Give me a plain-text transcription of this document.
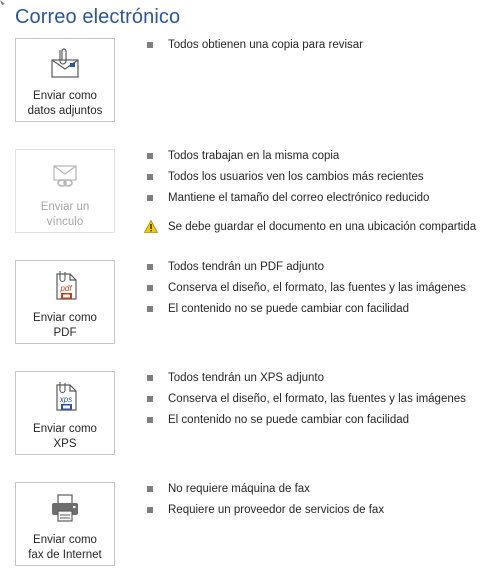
Correo electrónico
Enviar como
datos adjuntos
Todos obtienen una copia para revisar
Enviar un
vínculo
Todos trabajan en la misma copia
Todos los usuarios ven los cambios más recientes
Mantiene el tamaño del correo electrónico reducido
Se debe guardar el documento en una ubicación compartida
pdf
Enviar como
PDF
Todos tendrán un PDF adjunto
Conserva el diseño, el formato, las fuentes y las imágenes
El contenido no se puede cambiar con facilidad
xps
Enviar como
XPS
Todos tendrán un XPS adjunto
Conserva el diseño, el formato, las fuentes y las imágenes
El contenido no se puede cambiar con facilidad
Enviar como
fax de Internet
No requiere máquina de fax
Requiere un proveedor de servicios de fax
